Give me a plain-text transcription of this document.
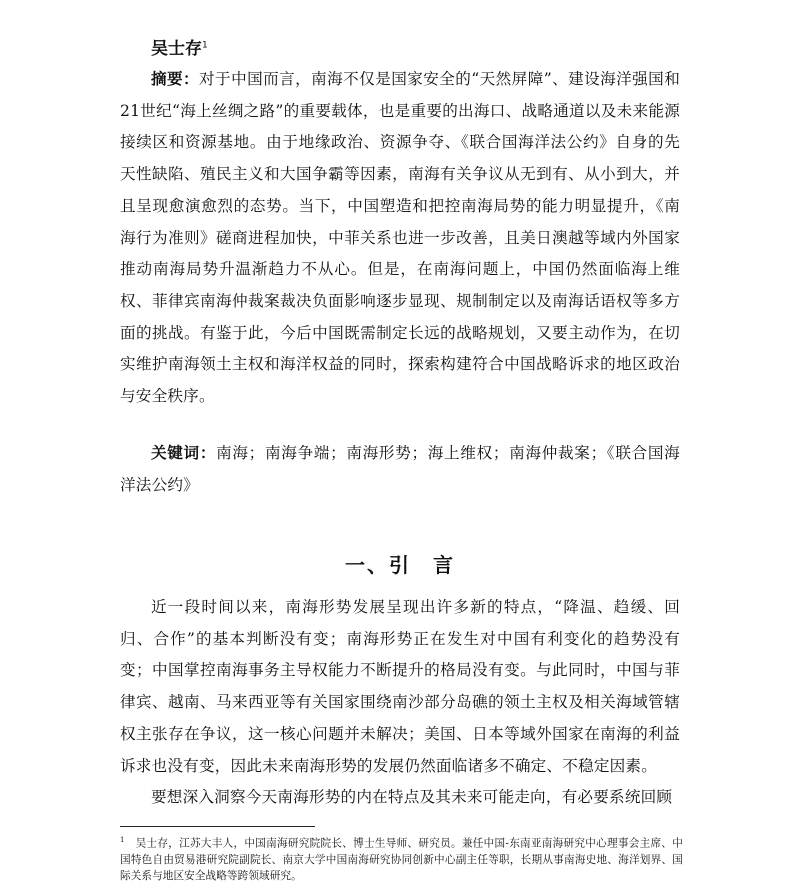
吴士存$^1$
摘要：对于中国而言，南海不仅是国家安全的“天然屏障”、建设海洋强国和21世纪“海上丝绸之路”的重要载体，也是重要的出海口、战略通道以及未来能源接续区和资源基地。由于地缘政治、资源争夺、《联合国海洋法公约》自身的先天性缺陷、殖民主义和大国争霸等因素，南海有关争议从无到有、从小到大，并且呈现愈演愈烈的态势。当下，中国塑造和把控南海局势的能力明显提升，《南海行为准则》磋商进程加快，中菲关系也进一步改善，且美日澳越等域内外国家推动南海局势升温渐趋力不从心。但是，在南海问题上，中国仍然面临海上维权、菲律宾南海仲裁案裁决负面影响逐步显现、规制制定以及南海话语权等多方面的挑战。有鉴于此，今后中国既需制定长远的战略规划，又要主动作为，在切实维护南海领土主权和海洋权益的同时，探索构建符合中国战略诉求的地区政治与安全秩序。
关键词：南海；南海争端；南海形势；海上维权；南海仲裁案；《联合国海洋法公约》
一、引　言

近一段时间以来，南海形势发展呈现出许多新的特点，“降温、趋缓、回归、合作”的基本判断没有变；南海形势正在发生对中国有利变化的趋势没有变；中国掌控南海事务主导权能力不断提升的格局没有变。与此同时，中国与菲律宾、越南、马来西亚等有关国家围绕南沙部分岛礁的领土主权及相关海域管辖权主张存在争议，这一核心问题并未解决；美国、日本等域外国家在南海的利益诉求也没有变，因此未来南海形势的发展仍然面临诸多不确定、不稳定因素。

要想深入洞察今天南海形势的内在特点及其未来可能走向，有必要系统回顾

$^1$　 吴士存，江苏大丰人，中国南海研究院院长、博士生导师、研究员。兼任中国-东南亚南海研究中心理事会主席、中国特色自由贸易港研究院副院长、南京大学中国南海研究协同创新中心副主任等职，长期从事南海史地、海洋划界、国际关系与地区安全战略等跨领域研究。
